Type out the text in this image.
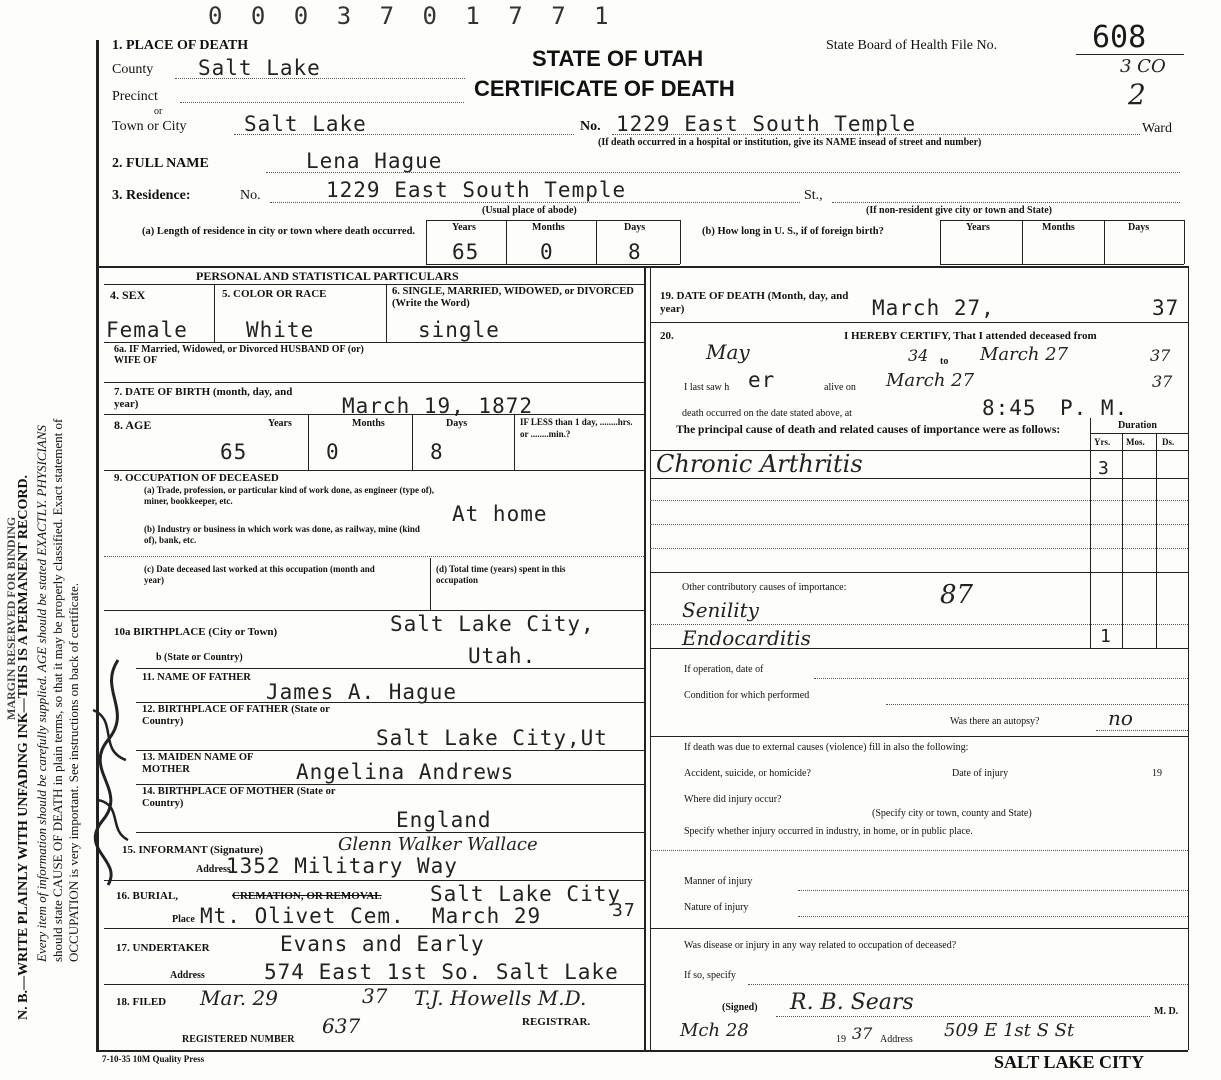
0 0 0 3 7 0 1 7 7 1
1. PLACE OF DEATH
STATE OF UTAH
CERTIFICATE OF DEATH
State Board of Health File No.	608
3 CO
2
MARGIN RESERVED FOR BINDING
N. B.—WRITE PLAINLY WITH UNFADING INK—THIS IS A PERMANENT RECORD. Every item of information should be carefully supplied. AGE should be stated EXACTLY. PHYSICIANS should state CAUSE OF DEATH in plain terms, so that it may be properly classified. Exact statement of OCCUPATION is very important. See instructions on back of certificate.
County Salt Lake
Precinct
or
Town or City	Salt Lake	No. 1229 East South Temple	Ward
(If death occurred in a hospital or institution, give its NAME insead of street and number)
2. FULL NAME	Lena Hague
3. Residence:	No.	1229 East South Temple	St.,
(Usual place of abode)	(If non-resident give city or town and State)
(a) Length of residence in city or town where death occurred.	Years	Months	Days
65	0	8
(b) How long in U. S., if of foreign birth?	Years	Months	Days
PERSONAL AND STATISTICAL PARTICULARS
4. SEX	5. COLOR OR RACE	6. SINGLE, MARRIED, WIDOWED, or DIVORCED (Write the Word)
Female	White	single
6a. IF Married, Widowed, or Divorced HUSBAND OF (or) WIFE OF
7. DATE OF BIRTH (month, day, and year)	March 19, 1872
8. AGE	Years	Months	Days
65	0	8
IF LESS than 1 day, ........hrs. or ........min.?
9. OCCUPATION OF DECEASED
(a) Trade, profession, or particular kind of work done, as engineer (type of), miner, bookkeeper, etc.
At home
(b) Industry or business in which work was done, as railway, mine (kind of), bank, etc.
(c) Date deceased last worked at this occupation (month and year)
(d) Total time (years) spent in this occupation
10a BIRTHPLACE (City or Town)	Salt Lake City,
b (State or Country)	Utah.
11. NAME OF FATHER
James A. Hague
12. BIRTHPLACE OF FATHER (State or Country)
Salt Lake City,Ut
13. MAIDEN NAME OF MOTHER	Angelina Andrews
14. BIRTHPLACE OF MOTHER (State or Country)
England
15. INFORMANT (Signature)	Glenn Walker Wallace
Address
1352 Military Way
16. BURIAL,	CREMATION, OR REMOVAL Salt Lake City
Place Mt. Olivet Cem. March 29	37
17. UNDERTAKER	Evans and Early
Address	574 East 1st So. Salt Lake
18. FILED Mar. 29	37 T.J. Howells M.D.
REGISTRAR.
REGISTERED NUMBER
637
7-10-35 10M Quality Press
19. DATE OF DEATH (Month, day, and year)	March 27,	37
20.	I HEREBY CERTIFY, That I attended deceased from
May	34 to March 27	37
I last saw h er	alive on March 27	37
death occurred on the date stated above, at	8:45 P. M.
The principal cause of death and related causes of importance were as follows:	Duration
Yrs. Mos. Ds.
Chronic Arthritis	3
Other contributory causes of importance:
Senility	87
Endocarditis	1
If operation, date of
Condition for which performed
Was there an autopsy?	no
If death was due to external causes (violence) fill in also the following:
Accident, suicide, or homicide?	Date of injury	19
Where did injury occur?
(Specify city or town, county and State)
Specify whether injury occurred in industry, in home, or in public place.
Manner of injury
Nature of injury
Was disease or injury in any way related to occupation of deceased?
If so, specify
(Signed) R. B. Sears	M. D.
Mch 28	19 37 Address 509 E 1st S St
SALT LAKE CITY
